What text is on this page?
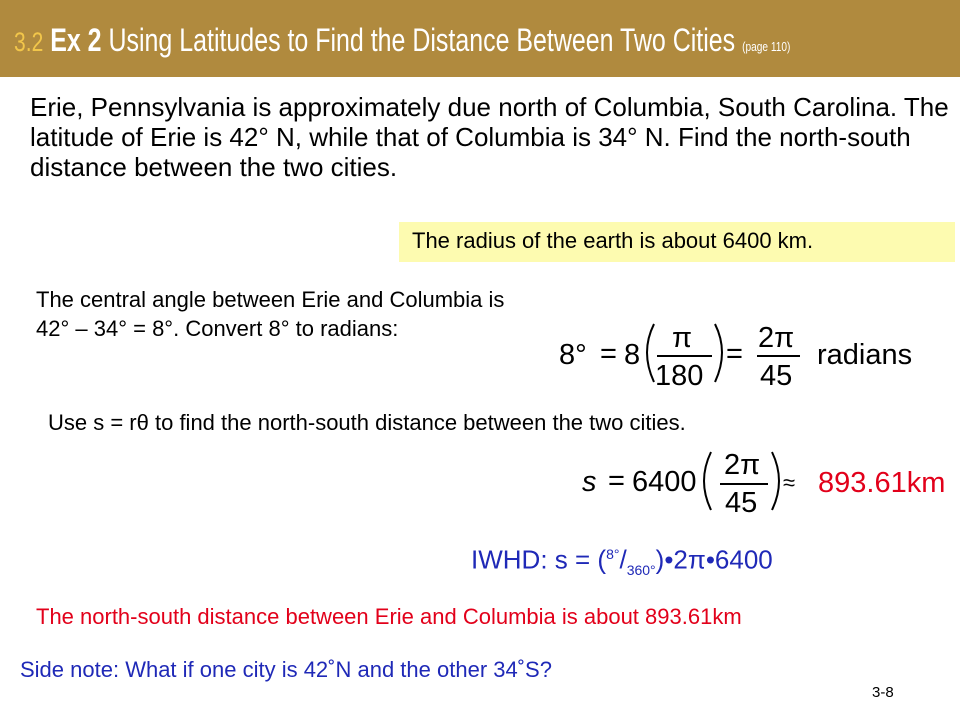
3.2 Ex 2 Using Latitudes to Find the Distance Between Two Cities (page 110)
Erie, Pennsylvania is approximately due north of Columbia, South Carolina. The latitude of Erie is 42° N, while that of Columbia is 34° N. Find the north-south distance between the two cities.
The radius of the earth is about 6400 km.
The central angle between Erie and Columbia is
42° – 34° = 8°. Convert 8° to radians:
8° = 8
π
180
= 2π
45
radians
Use s = rθ to find the north-south distance between the two cities.
s = 6400
2π
45
≈ 893.61km
IWHD: $s = (^{8^\circ}/_{360^\circ})•2\pi•6400$
The north-south distance between Erie and Columbia is about 893.61km
Side note: What if one city is 42˚N and the other 34˚S?
3-8
